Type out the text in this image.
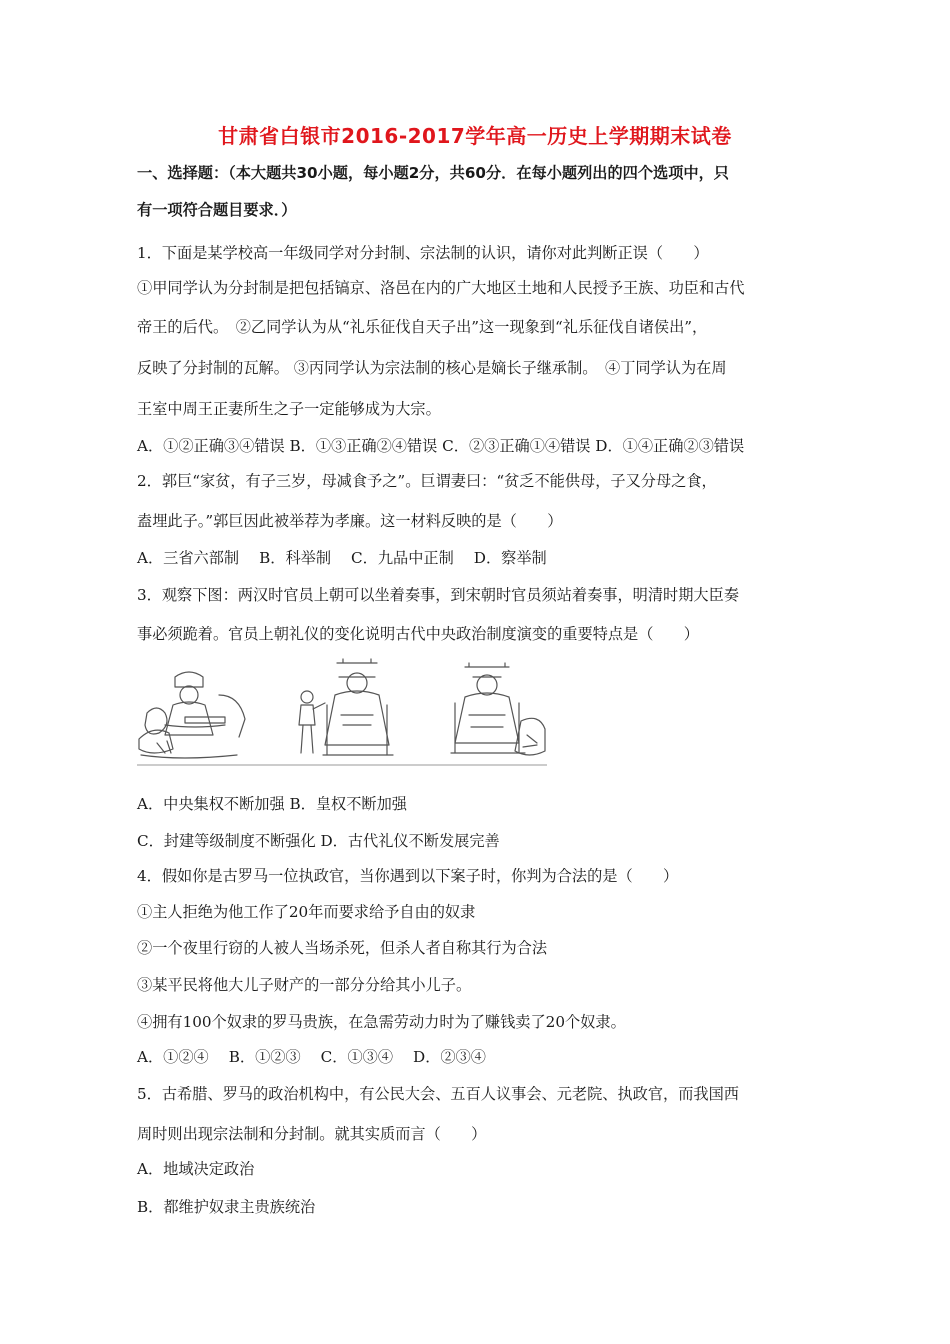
甘肃省白银市2016-2017学年高一历史上学期期末试卷
一、选择题：（本大题共30小题，每小题2分，共60分．在每小题列出的四个选项中，只
有一项符合题目要求．）
1．下面是某学校高一年级同学对分封制、宗法制的认识，请你对此判断正误（　　）
①甲同学认为分封制是把包括镐京、洛邑在内的广大地区土地和人民授予王族、功臣和古代
帝王的后代。　②乙同学认为从“礼乐征伐自天子出”这一现象到“礼乐征伐自诸侯出”，
反映了分封制的瓦解。 ③丙同学认为宗法制的核心是嫡长子继承制。　④丁同学认为在周
王室中周王正妻所生之子一定能够成为大宗。
A．①②正确③④错误 B．①③正确②④错误 C．②③正确①④错误 D．①④正确②③错误
2．郭巨“家贫，有子三岁，母减食予之”。巨谓妻曰：“贫乏不能供母，子又分母之食，
盍埋此子。”郭巨因此被举荐为孝廉。这一材料反映的是（　　）
A．三省六部制　 B．科举制　 C．九品中正制　 D．察举制
3．观察下图：两汉时官员上朝可以坐着奏事，到宋朝时官员须站着奏事，明清时期大臣奏
事必须跪着。官员上朝礼仪的变化说明古代中央政治制度演变的重要特点是（　　）
A．中央集权不断加强 B．皇权不断加强
C．封建等级制度不断强化 D．古代礼仪不断发展完善
4．假如你是古罗马一位执政官，当你遇到以下案子时，你判为合法的是（　　）
①主人拒绝为他工作了20年而要求给予自由的奴隶
②一个夜里行窃的人被人当场杀死，但杀人者自称其行为合法
③某平民将他大儿子财产的一部分分给其小儿子。
④拥有100个奴隶的罗马贵族，在急需劳动力时为了赚钱卖了20个奴隶。
A．①②④　 B．①②③　 C．①③④　 D．②③④
5．古希腊、罗马的政治机构中，有公民大会、五百人议事会、元老院、执政官，而我国西
周时则出现宗法制和分封制。就其实质而言（　　）
A．地域决定政治
B．都维护奴隶主贵族统治
